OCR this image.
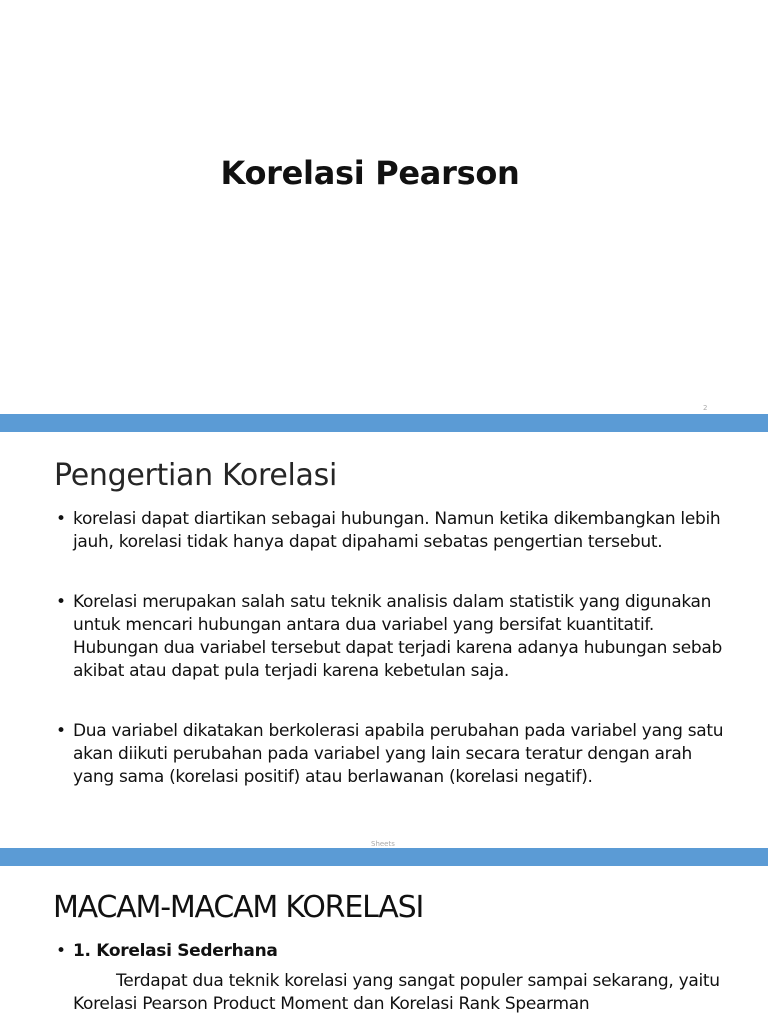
Korelasi Pearson
2
Pengertian Korelasi
• korelasi dapat diartikan sebagai hubungan. Namun ketika dikembangkan lebih jauh, korelasi tidak hanya dapat dipahami sebatas pengertian tersebut.
• Korelasi merupakan salah satu teknik analisis dalam statistik yang digunakan untuk mencari hubungan antara dua variabel yang bersifat kuantitatif. Hubungan dua variabel tersebut dapat terjadi karena adanya hubungan sebab akibat atau dapat pula terjadi karena kebetulan saja.
• Dua variabel dikatakan berkolerasi apabila perubahan pada variabel yang satu akan diikuti perubahan pada variabel yang lain secara teratur dengan arah yang sama (korelasi positif) atau berlawanan (korelasi negatif).
Sheets
MACAM-MACAM KORELASI
• 1. Korelasi Sederhana
Terdapat dua teknik korelasi yang sangat populer sampai sekarang, yaitu Korelasi Pearson Product Moment dan Korelasi Rank Spearman
